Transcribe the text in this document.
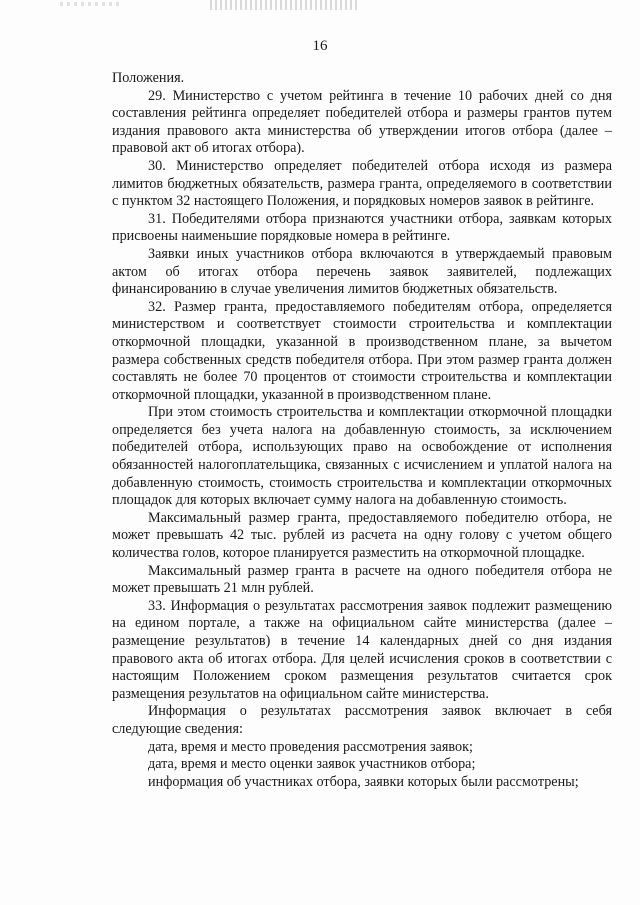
16

Положения.

29. Министерство с учетом рейтинга в течение 10 рабочих дней со дня составления рейтинга определяет победителей отбора и размеры грантов путем издания правового акта министерства об утверждении итогов отбора (далее – правовой акт об итогах отбора).

30. Министерство определяет победителей отбора исходя из размера лимитов бюджетных обязательств, размера гранта, определяемого в соответствии с пунктом 32 настоящего Положения, и порядковых номеров заявок в рейтинге.

31. Победителями отбора признаются участники отбора, заявкам которых присвоены наименьшие порядковые номера в рейтинге.

Заявки иных участников отбора включаются в утверждаемый правовым актом об итогах отбора перечень заявок заявителей, подлежащих финансированию в случае увеличения лимитов бюджетных обязательств.

32. Размер гранта, предоставляемого победителям отбора, определяется министерством и соответствует стоимости строительства и комплектации откормочной площадки, указанной в производственном плане, за вычетом размера собственных средств победителя отбора. При этом размер гранта должен составлять не более 70 процентов от стоимости строительства и комплектации откормочной площадки, указанной в производственном плане.

При этом стоимость строительства и комплектации откормочной площадки определяется без учета налога на добавленную стоимость, за исключением победителей отбора, использующих право на освобождение от исполнения обязанностей налогоплательщика, связанных с исчислением и уплатой налога на добавленную стоимость, стоимость строительства и комплектации откормочных площадок для которых включает сумму налога на добавленную стоимость.

Максимальный размер гранта, предоставляемого победителю отбора, не может превышать 42 тыс. рублей из расчета на одну голову с учетом общего количества голов, которое планируется разместить на откормочной площадке.

Максимальный размер гранта в расчете на одного победителя отбора не может превышать 21 млн рублей.

33. Информация о результатах рассмотрения заявок подлежит размещению на едином портале, а также на официальном сайте министерства (далее – размещение результатов) в течение 14 календарных дней со дня издания правового акта об итогах отбора. Для целей исчисления сроков в соответствии с настоящим Положением сроком размещения результатов считается срок размещения результатов на официальном сайте министерства.

Информация о результатах рассмотрения заявок включает в себя следующие сведения:

дата, время и место проведения рассмотрения заявок;

дата, время и место оценки заявок участников отбора;

информация об участниках отбора, заявки которых были рассмотрены;
